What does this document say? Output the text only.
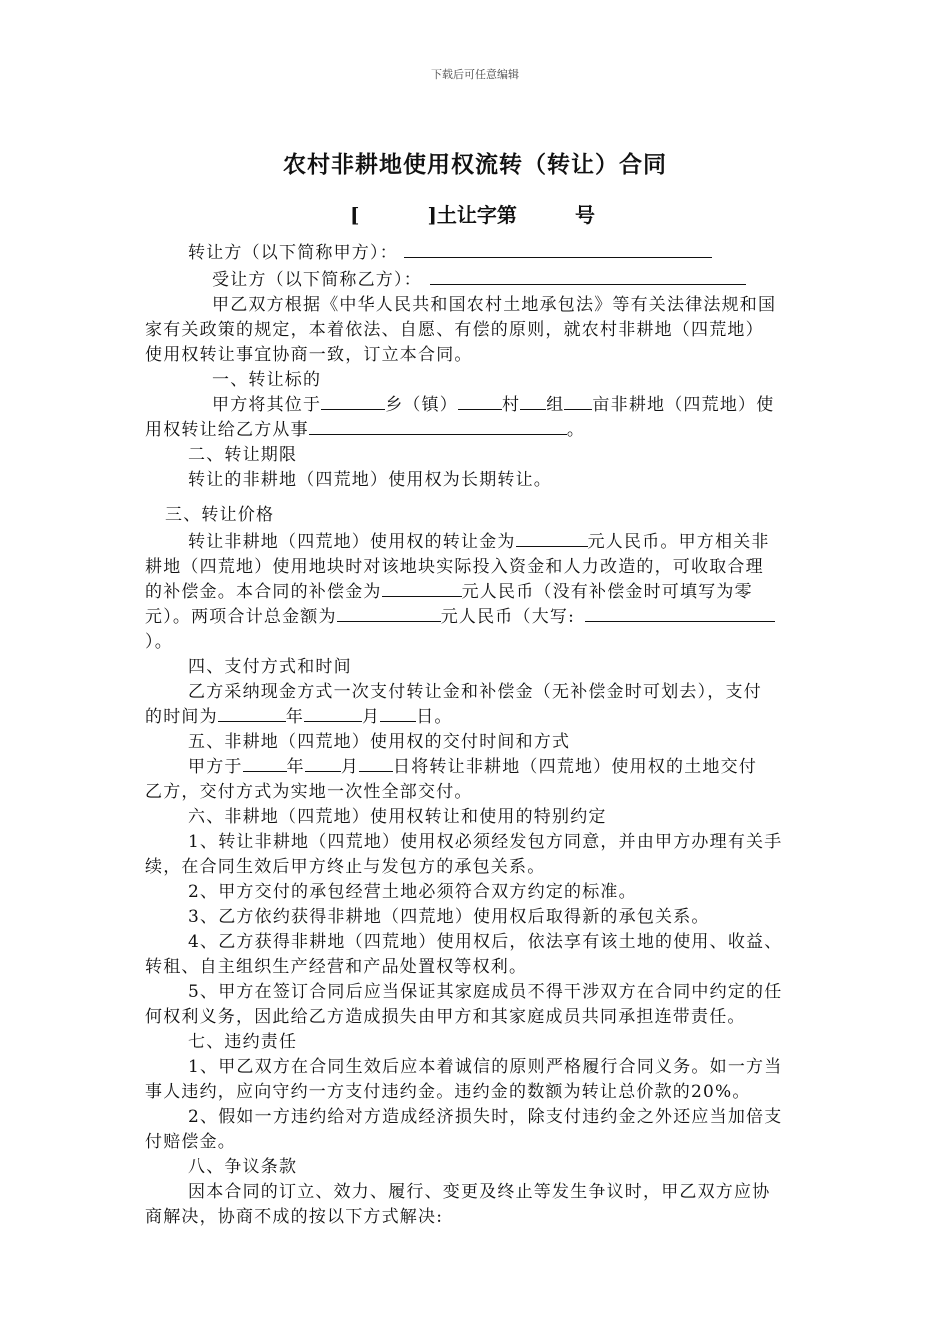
下载后可任意编辑
农村非耕地使用权流转（转让）合同
[	]土让字第	号
转让方（以下简称甲方）：
受让方（以下简称乙方）：
甲乙双方根据《中华人民共和国农村土地承包法》等有关法律法规和国
家有关政策的规定，本着依法、自愿、有偿的原则，就农村非耕地（四荒地）
使用权转让事宜协商一致，订立本合同。
一、转让标的
甲方将其位于	乡（镇）	村 组 亩非耕地（四荒地）使
用权转让给乙方从事	。
二、转让期限
转让的非耕地（四荒地）使用权为长期转让。
三、转让价格
转让非耕地（四荒地）使用权的转让金为	元人民币。甲方相关非
耕地（四荒地）使用地块时对该地块实际投入资金和人力改造的，可收取合理
的补偿金。本合同的补偿金为	元人民币（没有补偿金时可填写为零
元）。两项合计总金额为	元人民币（大写:
）。
四、支付方式和时间
乙方采纳现金方式一次支付转让金和补偿金（无补偿金时可划去），支付
的时间为	年	月 日。
五、非耕地（四荒地）使用权的交付时间和方式
甲方于	年 月 日将转让非耕地（四荒地）使用权的土地交付
乙方，交付方式为实地一次性全部交付。
六、非耕地（四荒地）使用权转让和使用的特别约定
1、转让非耕地（四荒地）使用权必须经发包方同意，并由甲方办理有关手
续，在合同生效后甲方终止与发包方的承包关系。
2、甲方交付的承包经营土地必须符合双方约定的标准。
3、乙方依约获得非耕地（四荒地）使用权后取得新的承包关系。
4、乙方获得非耕地（四荒地）使用权后，依法享有该土地的使用、收益、
转租、自主组织生产经营和产品处置权等权利。
5、甲方在签订合同后应当保证其家庭成员不得干涉双方在合同中约定的任
何权利义务，因此给乙方造成损失由甲方和其家庭成员共同承担连带责任。
七、违约责任
1、甲乙双方在合同生效后应本着诚信的原则严格履行合同义务。如一方当
事人违约，应向守约一方支付违约金。违约金的数额为转让总价款的20%。
2、假如一方违约给对方造成经济损失时，除支付违约金之外还应当加倍支
付赔偿金。
八、争议条款
因本合同的订立、效力、履行、变更及终止等发生争议时，甲乙双方应协
商解决，协商不成的按以下方式解决:
